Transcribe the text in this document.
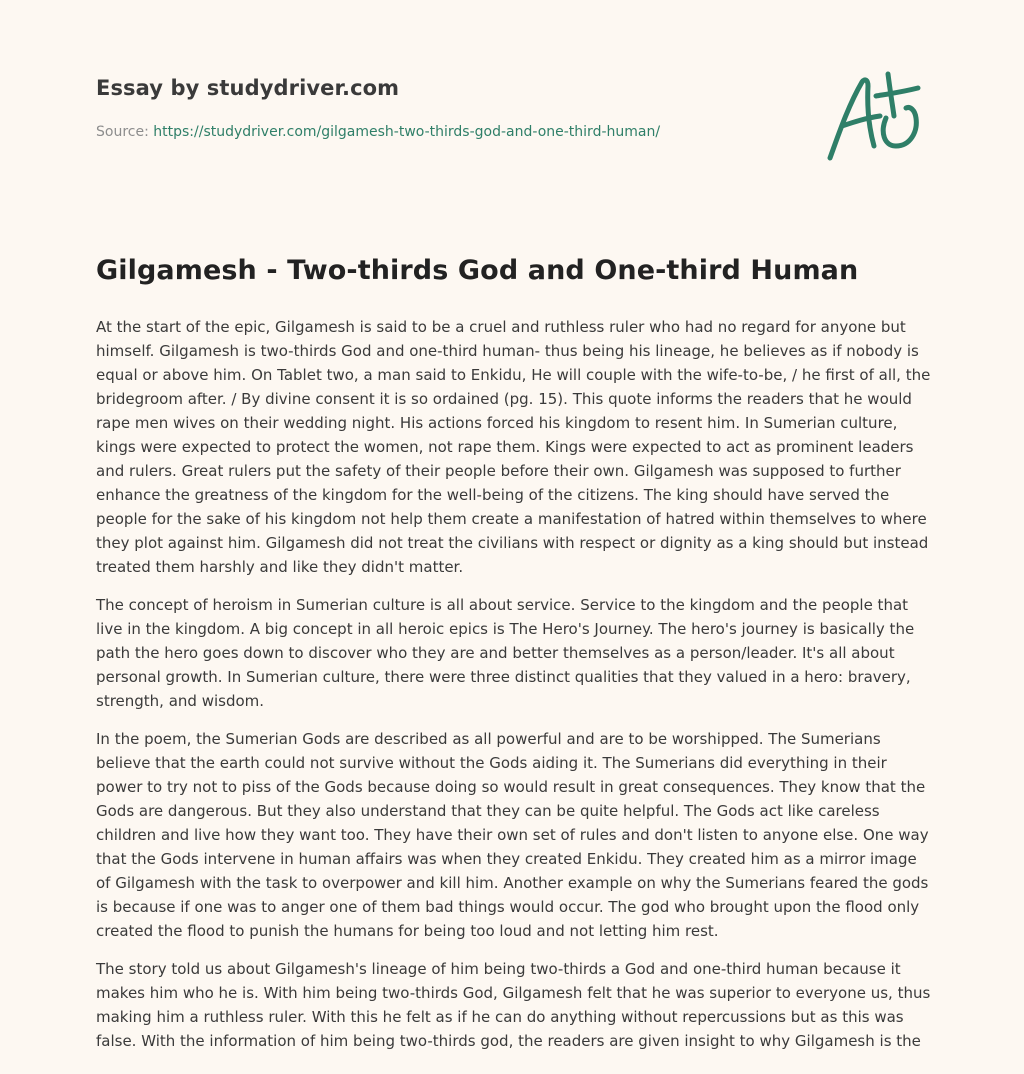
Essay by studydriver.com
Source: https://studydriver.com/gilgamesh-two-thirds-god-and-one-third-human/
Gilgamesh - Two-thirds God and One-third Human

At the start of the epic, Gilgamesh is said to be a cruel and ruthless ruler who had no regard for anyone but himself. Gilgamesh is two-thirds God and one-third human- thus being his lineage, he believes as if nobody is equal or above him. On Tablet two, a man said to Enkidu, He will couple with the wife-to-be, / he first of all, the bridegroom after. / By divine consent it is so ordained (pg. 15). This quote informs the readers that he would rape men wives on their wedding night. His actions forced his kingdom to resent him. In Sumerian culture, kings were expected to protect the women, not rape them. Kings were expected to act as prominent leaders and rulers. Great rulers put the safety of their people before their own. Gilgamesh was supposed to further enhance the greatness of the kingdom for the well-being of the citizens. The king should have served the people for the sake of his kingdom not help them create a manifestation of hatred within themselves to where they plot against him. Gilgamesh did not treat the civilians with respect or dignity as a king should but instead treated them harshly and like they didn't matter.

The concept of heroism in Sumerian culture is all about service. Service to the kingdom and the people that live in the kingdom. A big concept in all heroic epics is The Hero's Journey. The hero's journey is basically the path the hero goes down to discover who they are and better themselves as a person/leader. It's all about personal growth. In Sumerian culture, there were three distinct qualities that they valued in a hero: bravery, strength, and wisdom.

In the poem, the Sumerian Gods are described as all powerful and are to be worshipped. The Sumerians believe that the earth could not survive without the Gods aiding it. The Sumerians did everything in their power to try not to piss of the Gods because doing so would result in great consequences. They know that the Gods are dangerous. But they also understand that they can be quite helpful. The Gods act like careless children and live how they want too. They have their own set of rules and don't listen to anyone else. One way that the Gods intervene in human affairs was when they created Enkidu. They created him as a mirror image of Gilgamesh with the task to overpower and kill him. Another example on why the Sumerians feared the gods is because if one was to anger one of them bad things would occur. The god who brought upon the flood only created the flood to punish the humans for being too loud and not letting him rest.

The story told us about Gilgamesh's lineage of him being two-thirds a God and one-third human because it makes him who he is. With him being two-thirds God, Gilgamesh felt that he was superior to everyone us, thus making him a ruthless ruler. With this he felt as if he can do anything without repercussions but as this was false. With the information of him being two-thirds god, the readers are given insight to why Gilgamesh is the
